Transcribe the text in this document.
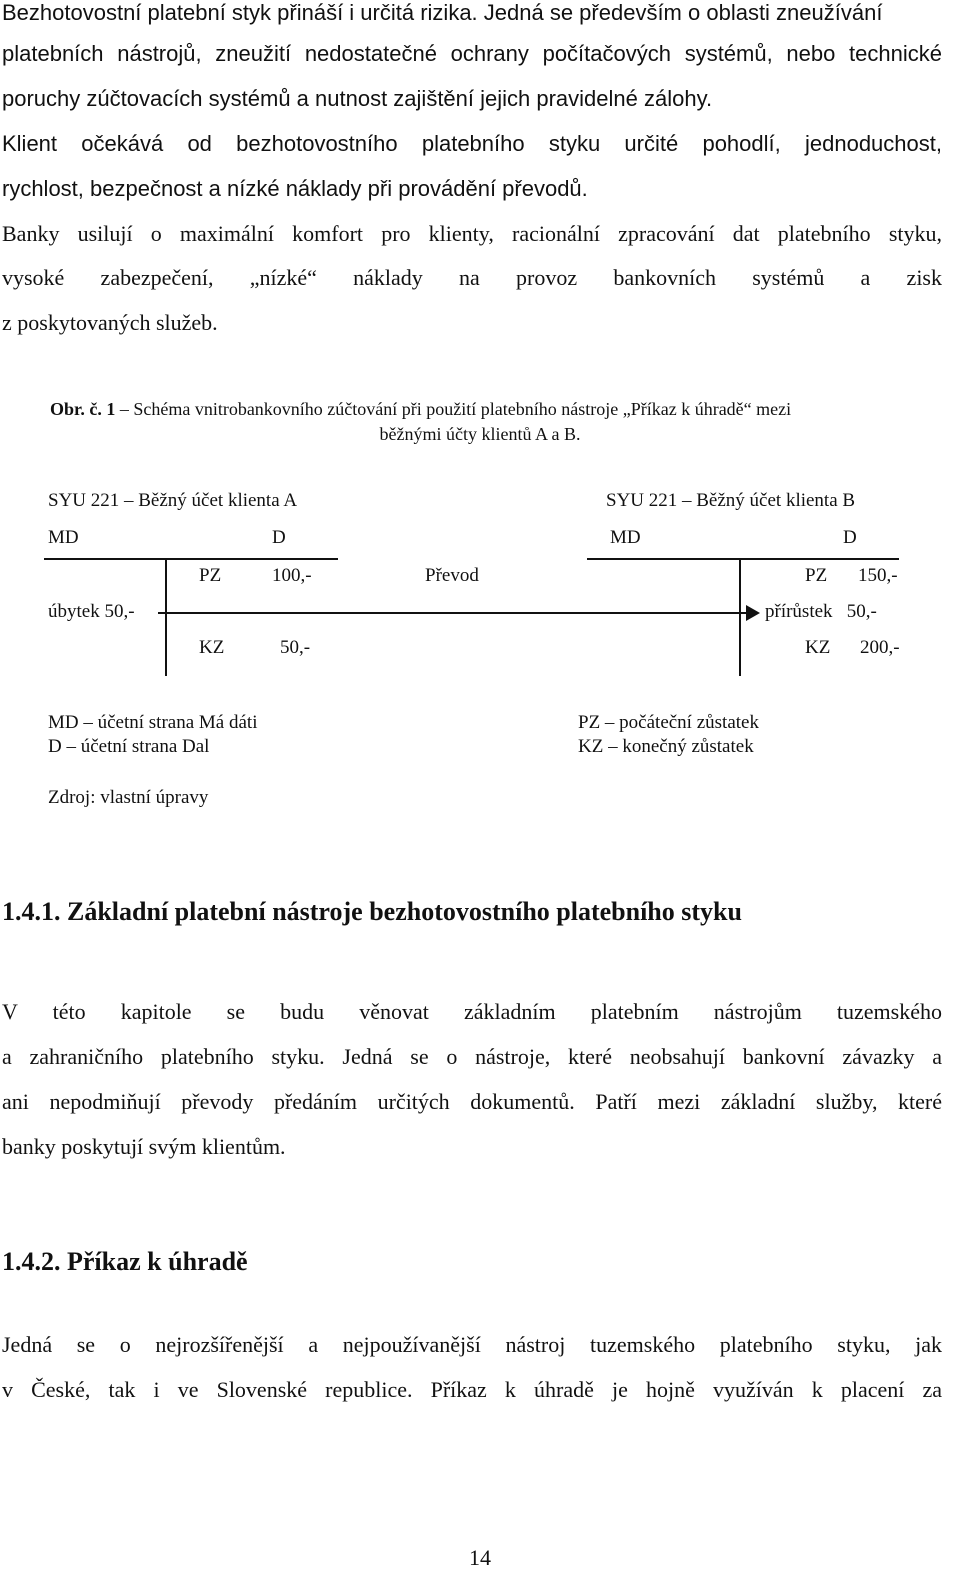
Bezhotovostní platební styk přináší i určitá rizika. Jedná se především o oblasti zneužívání
platebních nástrojů, zneužití nedostatečné ochrany počítačových systémů, nebo technické
poruchy zúčtovacích systémů a nutnost zajištění jejich pravidelné zálohy.
Klient očekává od bezhotovostního platebního styku určité pohodlí, jednoduchost,
rychlost, bezpečnost a nízké náklady při provádění převodů.
Banky usilují o maximální komfort pro klienty, racionální zpracování dat platebního styku,
vysoké zabezpečení, „nízké“ náklady na provoz bankovních systémů a zisk
z poskytovaných služeb.
Obr. č. 1 – Schéma vnitrobankovního zúčtování při použití platebního nástroje „Příkaz k úhradě“ mezi
běžnými účty klientů A a B.
SYU 221 – Běžný účet klienta A
MD	D
PZ	100,-
úbytek 50,-
KZ	50,-
Převod
SYU 221 – Běžný účet klienta B
MD	D
PZ 150,-
přírůstek 50,-
KZ 200,-
MD – účetní strana Má dáti
D – účetní strana Dal
PZ – počáteční zůstatek
KZ – konečný zůstatek
Zdroj: vlastní úpravy
1.4.1. Základní platební nástroje bezhotovostního platebního styku
V této kapitole se budu věnovat základním platebním nástrojům tuzemského
a zahraničního platebního styku. Jedná se o nástroje, které neobsahují bankovní závazky a
ani nepodmiňují převody předáním určitých dokumentů. Patří mezi základní služby, které
banky poskytují svým klientům.
1.4.2. Příkaz k úhradě
Jedná se o nejrozšířenější a nejpoužívanější nástroj tuzemského platebního styku, jak
v České, tak i ve Slovenské republice. Příkaz k úhradě je hojně využíván k placení za
14
